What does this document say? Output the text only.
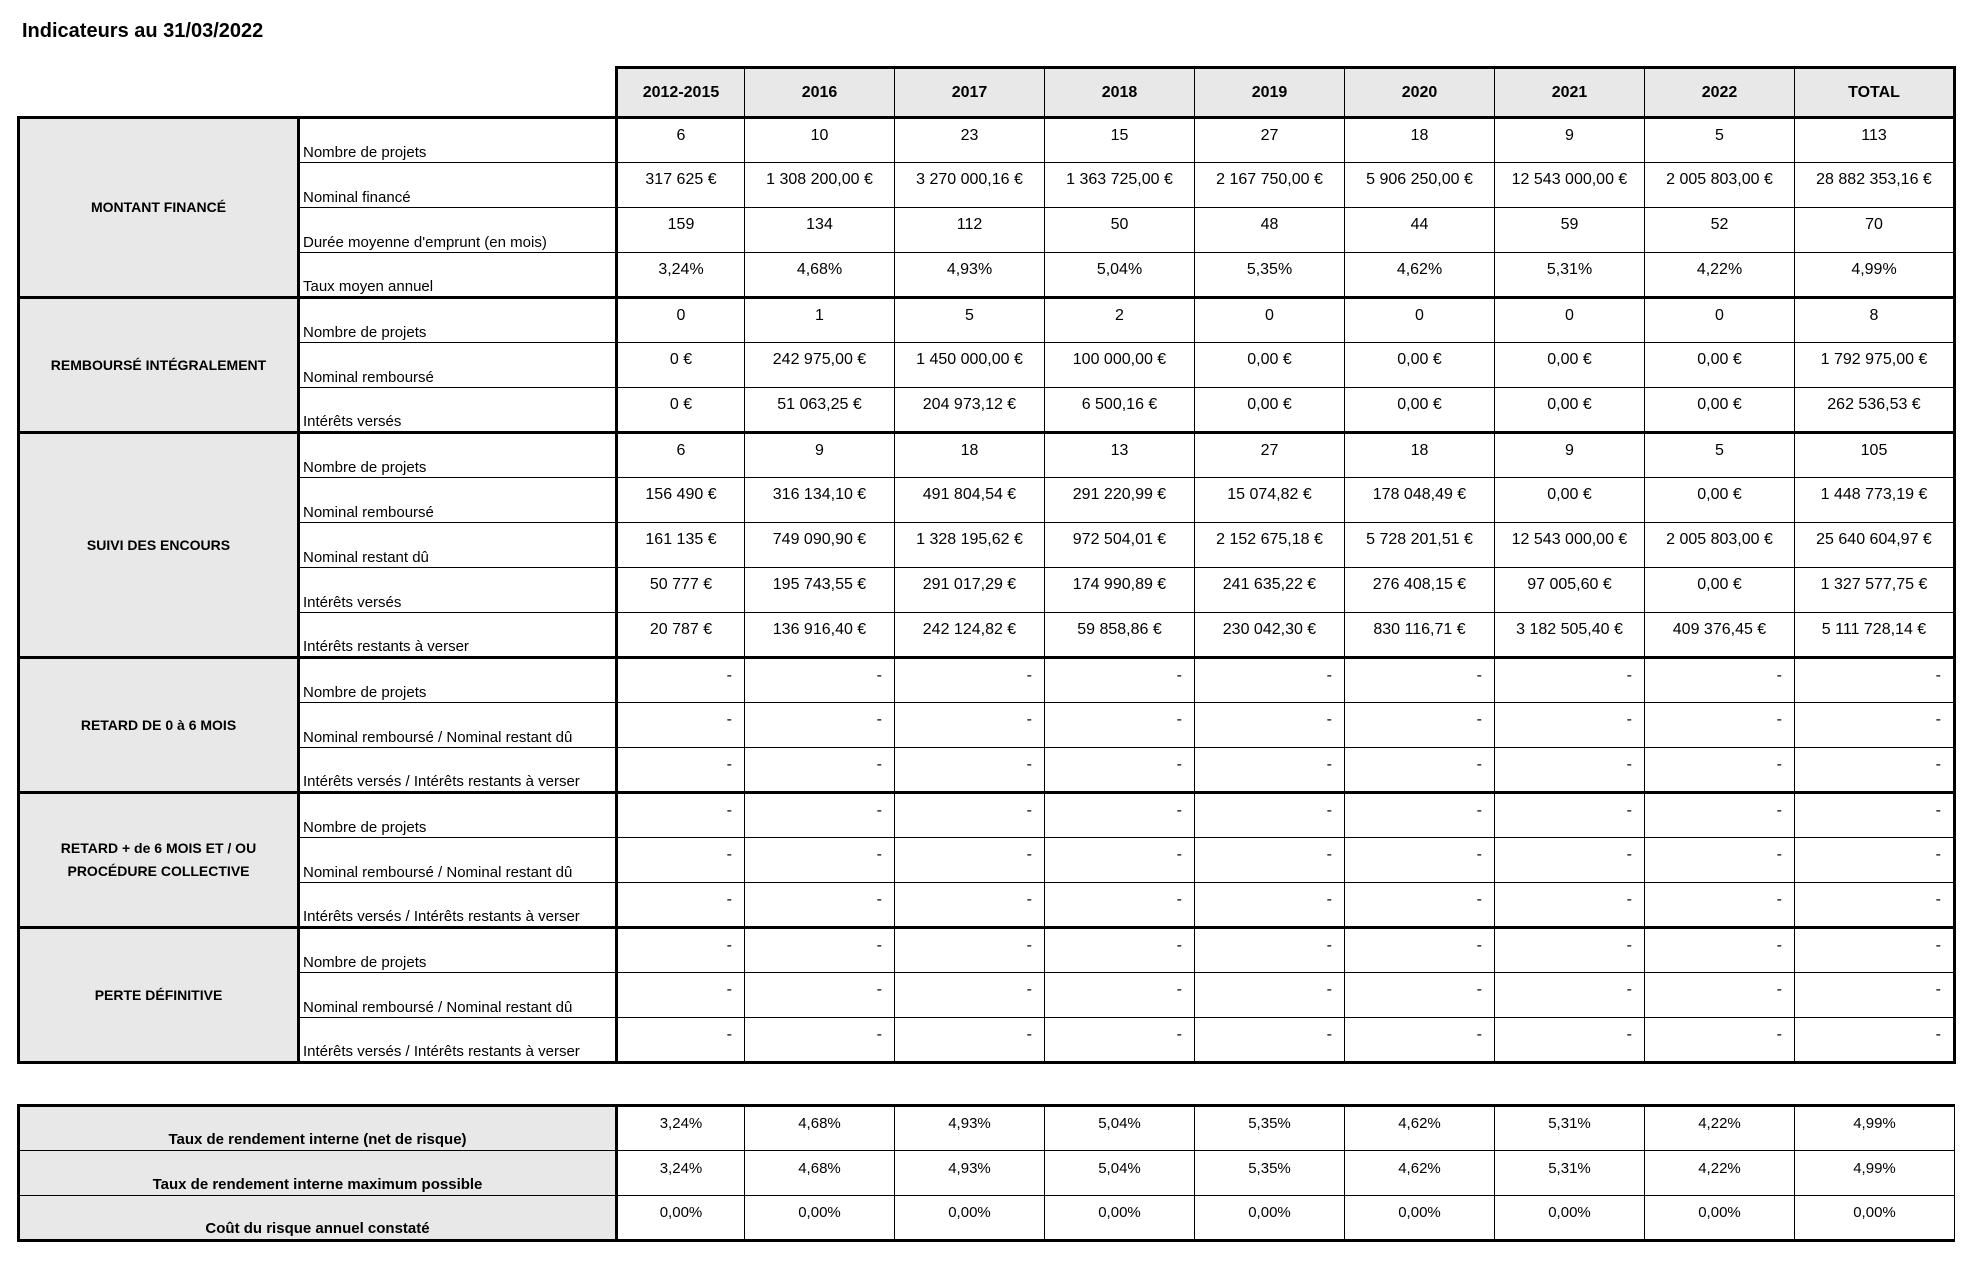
Indicateurs au 31/03/2022
		2012-2015	2016	2017	2018	2019	2020	2021	2022	TOTAL
MONTANT FINANCÉ	Nombre de projets	6	10	23	15	27	18	9	5	113
	Nominal financé	317 625 €	1 308 200,00 €	3 270 000,16 €	1 363 725,00 €	2 167 750,00 €	5 906 250,00 €	12 543 000,00 €	2 005 803,00 €	28 882 353,16 €
	Durée moyenne d'emprunt (en mois)	159	134	112	50	48	44	59	52	70
	Taux moyen annuel	3,24%	4,68%	4,93%	5,04%	5,35%	4,62%	5,31%	4,22%	4,99%
REMBOURSÉ INTÉGRALEMENT	Nombre de projets	0	1	5	2	0	0	0	0	8
	Nominal remboursé	0 €	242 975,00 €	1 450 000,00 €	100 000,00 €	0,00 €	0,00 €	0,00 €	0,00 €	1 792 975,00 €
	Intérêts versés	0 €	51 063,25 €	204 973,12 €	6 500,16 €	0,00 €	0,00 €	0,00 €	0,00 €	262 536,53 €
SUIVI DES ENCOURS	Nombre de projets	6	9	18	13	27	18	9	5	105
	Nominal remboursé	156 490 €	316 134,10 €	491 804,54 €	291 220,99 €	15 074,82 €	178 048,49 €	0,00 €	0,00 €	1 448 773,19 €
	Nominal restant dû	161 135 €	749 090,90 €	1 328 195,62 €	972 504,01 €	2 152 675,18 €	5 728 201,51 €	12 543 000,00 €	2 005 803,00 €	25 640 604,97 €
	Intérêts versés	50 777 €	195 743,55 €	291 017,29 €	174 990,89 €	241 635,22 €	276 408,15 €	97 005,60 €	0,00 €	1 327 577,75 €
	Intérêts restants à verser	20 787 €	136 916,40 €	242 124,82 €	59 858,86 €	230 042,30 €	830 116,71 €	3 182 505,40 €	409 376,45 €	5 111 728,14 €
RETARD DE 0 à 6 MOIS	Nombre de projets	-	-	-	-	-	-	-	-	-
	Nominal remboursé / Nominal restant dû	-	-	-	-	-	-	-	-	-
	Intérêts versés / Intérêts restants à verser	-	-	-	-	-	-	-	-	-
RETARD + de 6 MOIS ET / OU PROCÉDURE COLLECTIVE	Nombre de projets	-	-	-	-	-	-	-	-	-
	Nominal remboursé / Nominal restant dû	-	-	-	-	-	-	-	-	-
	Intérêts versés / Intérêts restants à verser	-	-	-	-	-	-	-	-	-
PERTE DÉFINITIVE	Nombre de projets	-	-	-	-	-	-	-	-	-
	Nominal remboursé / Nominal restant dû	-	-	-	-	-	-	-	-	-
	Intérêts versés / Intérêts restants à verser	-	-	-	-	-	-	-	-	-
Taux de rendement interne (net de risque)	3,24%	4,68%	4,93%	5,04%	5,35%	4,62%	5,31%	4,22%	4,99%
Taux de rendement interne maximum possible	3,24%	4,68%	4,93%	5,04%	5,35%	4,62%	5,31%	4,22%	4,99%
Coût du risque annuel constaté	0,00%	0,00%	0,00%	0,00%	0,00%	0,00%	0,00%	0,00%	0,00%
